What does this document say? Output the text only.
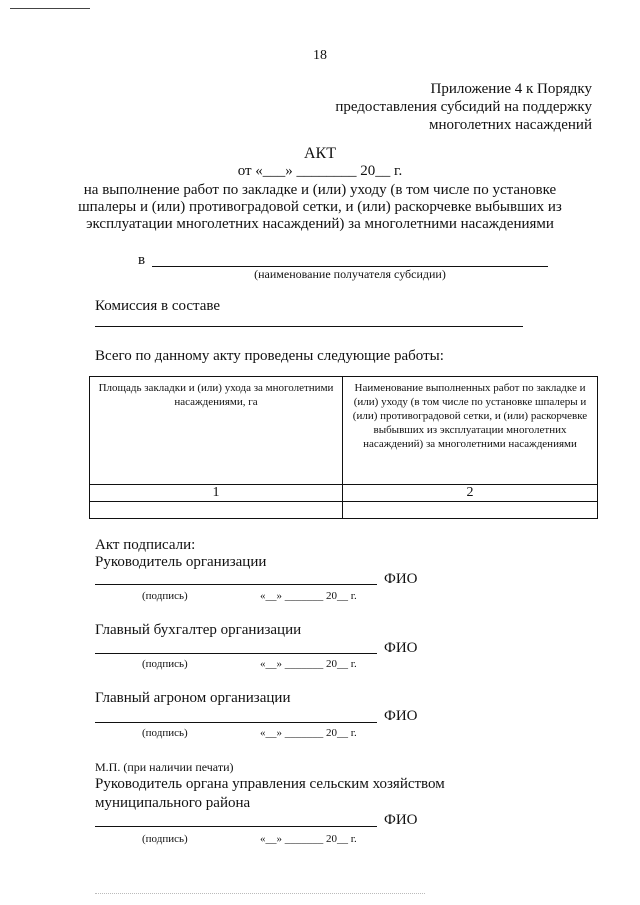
18
Приложение 4 к Порядку
предоставления субсидий на поддержку
многолетних насаждений
АКТ
от «___» ________ 20__ г.
на выполнение работ по закладке и (или) уходу (в том числе по установке шпалеры и (или) противоградовой сетки, и (или) раскорчевке выбывших из эксплуатации многолетних насаждений) за многолетними насаждениями
в
(наименование получателя субсидии)
Комиссия в составе
Всего по данному акту проведены следующие работы:
Площадь закладки и (или) ухода за многолетними насаждениями, га	Наименование выполненных работ по закладке и (или) уходу (в том числе по установке шпалеры и (или) противоградовой сетки, и (или) раскорчевке выбывших из эксплуатации многолетних насаждений) за многолетними насаждениями
1	2

Акт подписали:
Руководитель организации
ФИО
(подпись)	«__» _______ 20__ г.
Главный бухгалтер организации
ФИО
(подпись)	«__» _______ 20__ г.
Главный агроном организации
ФИО
(подпись)	«__» _______ 20__ г.
М.П. (при наличии печати)
Руководитель органа управления сельским хозяйством
муниципального района
ФИО
(подпись)	«__» _______ 20__ г.
